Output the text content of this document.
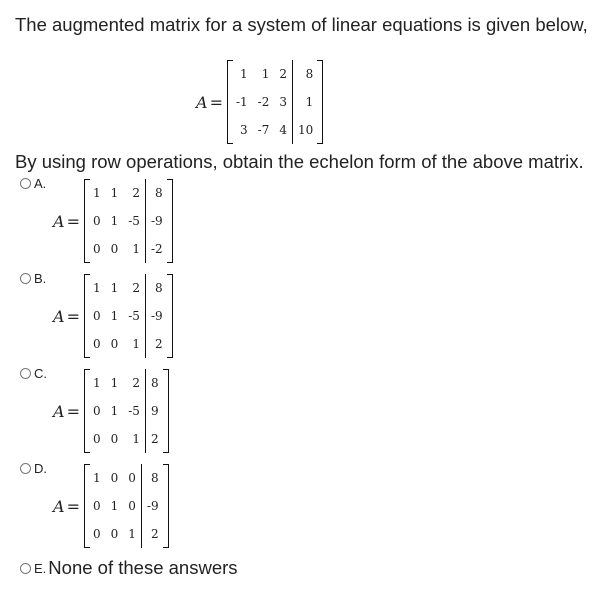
The augmented matrix for a system of linear equations is given below,
A =
1	1	2	8
-1	-2	3	1
3	-7	4	10
By using row operations, obtain the echelon form of the above matrix.
A.
A =
1	1	2	8
0	1	-5	-9
0	0	1	-2
B.
A =
1	1	2	8
0	1	-5	-9
0	0	1	2
C.
A =
1	1	2	8
0	1	-5	9
0	0	1	2
D.
A =
1	0	0	8
0	1	0	-9
0	0	1	2
E. None of these answers
